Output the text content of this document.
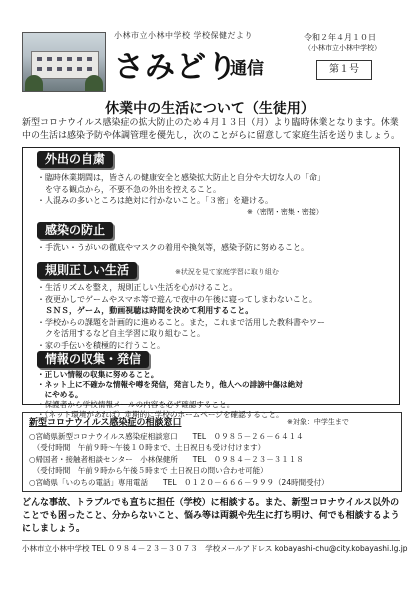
小林市立小林中学校 学校保健だより
さみどり
通信
令和２年４月１０日
（小林市立小林中学校）
第１号
休業中の生活について（生徒用）
新型コロナウイルス感染症の拡大防止のため４月１３日（月）より臨時休業となります。休業中の生活は感染予防や体調管理を優先し，次のことがらに留意して家庭生活を送りましょう。
外出の自粛
・臨時休業期間は，皆さんの健康安全と感染拡大防止と自分や大切な人の「命」
　を守る観点から，不要不急の外出を控えること。
・人混みの多いところは絶対に行かないこと。「３密」を避ける。
※（密閉・密集・密接）
感染の防止
・手洗い・うがいの徹底やマスクの着用や換気等，感染予防に努めること。
規則正しい生活	※状況を見て家庭学習に取り組む
・生活リズムを整え，規則正しい生活を心がけること。
・夜更かしでゲームやスマホ等で遊んで夜中の午後に寝ってしまわないこと。
　ＳＮＳ，ゲーム，動画視聴は時間を決めて利用すること。
・学校からの課題を計画的に進めること。また，これまで活用した教科書やワー
　クを活用するなど自主学習に取り組むこと。
・家の手伝いを積極的に行うこと。
情報の収集・発信
・正しい情報の収集に努めること。
・ネット上に不確かな情報や噂を発信，発言したり，他人への誹謗中傷は絶対
　にやめる。
・保護者から学校情報メールの内容を必ず確認すること。
・（ネット環境があれば）定期的に学校のホームページを確認すること。
新型コロナウイルス感染症の相談窓口	※対象：中学生まで
○宮崎県新型コロナウイルス感染症相談窓口　　TEL　０９８５－２６－６４１４
　（受付時間　午前９時～午後１０時まで、土日祝日も受け付けます）
○帰国者・接触者相談センター　小林保健所　　TEL　０９８４－２３－３１１８
　（受付時間　午前９時から午後５時まで 土日祝日の問い合わせ可能）
○宮崎県「いのちの電話」専用電話　　TEL　０１２０－６６６－９９９（24時間受付）
どんな事故、トラブルでも直ちに担任（学校）に相談する。また、新型コロナウイルス以外のことでも困ったこと、分からないこと、悩み等は両親や先生に打ち明け、何でも相談するようにしましょう。
小林市立小林中学校 TEL ０９８４－２３－３０７３　学校メールアドレス kobayashi-chu@city.kobayashi.lg.jp
